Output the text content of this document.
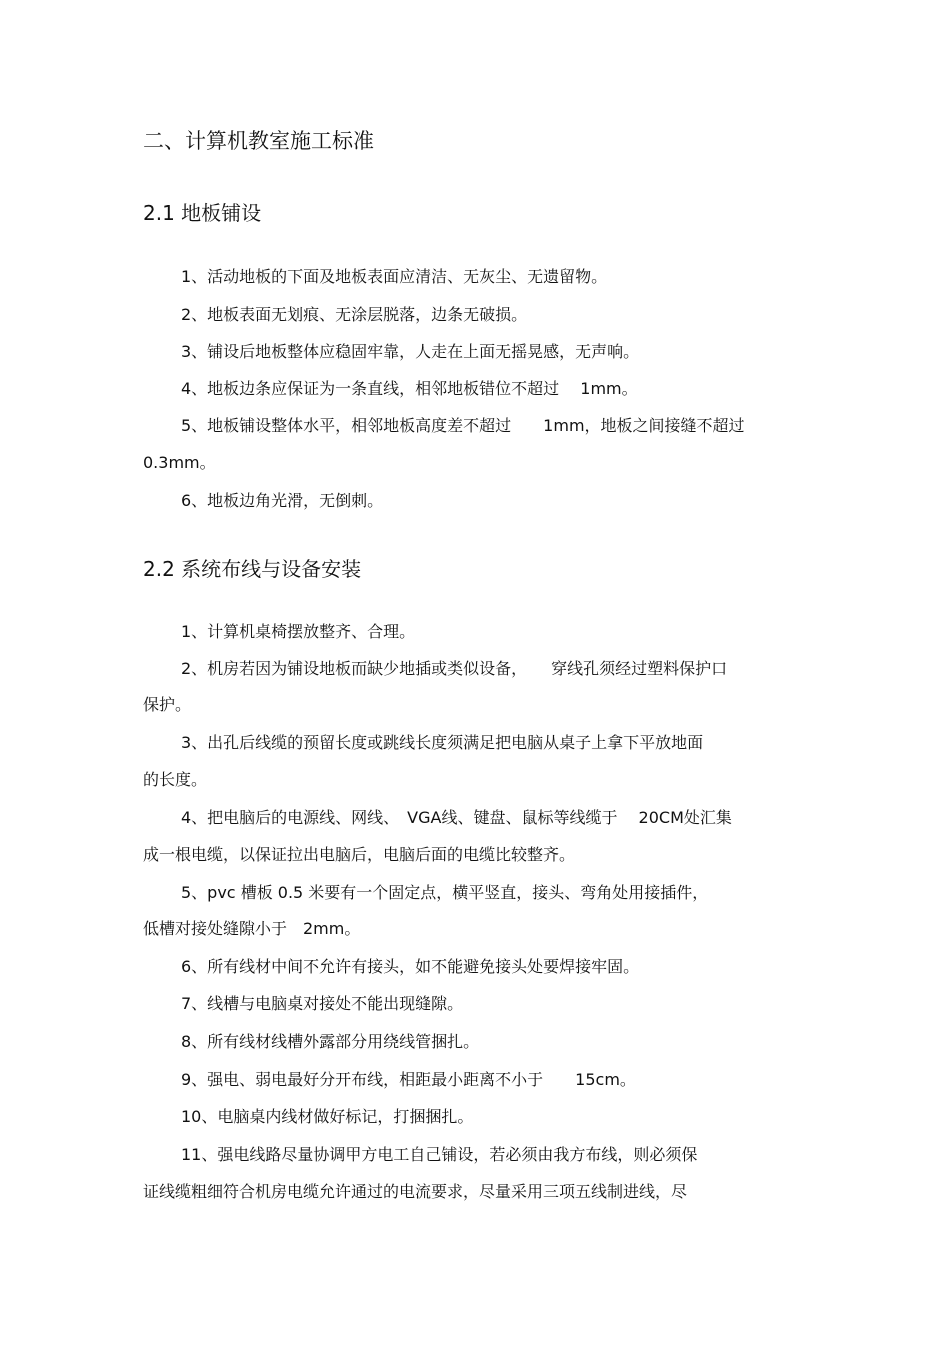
二、计算机教室施工标准
2.1 地板铺设
1、活动地板的下面及地板表面应清洁、无灰尘、无遗留物。
2、地板表面无划痕、无涂层脱落，边条无破损。
3、铺设后地板整体应稳固牢靠，人走在上面无摇晃感，无声响。
4、地板边条应保证为一条直线，相邻地板错位不超过　 1mm。
5、地板铺设整体水平，相邻地板高度差不超过　　1mm，地板之间接缝不超过
0.3mm。
6、地板边角光滑，无倒刺。
2.2 系统布线与设备安装
1、计算机桌椅摆放整齐、合理。
2、机房若因为铺设地板而缺少地插或类似设备，　　穿线孔须经过塑料保护口
保护。
3、出孔后线缆的预留长度或跳线长度须满足把电脑从桌子上拿下平放地面
的长度。
4、把电脑后的电源线、网线、　VGA线、键盘、鼠标等线缆于　 20CM处汇集
成一根电缆，以保证拉出电脑后，电脑后面的电缆比较整齐。
5、pvc 槽板 0.5 米要有一个固定点，横平竖直，接头、弯角处用接插件，
低槽对接处缝隙小于　2mm。
6、所有线材中间不允许有接头，如不能避免接头处要焊接牢固。
7、线槽与电脑桌对接处不能出现缝隙。
8、所有线材线槽外露部分用绕线管捆扎。
9、强电、弱电最好分开布线，相距最小距离不小于　　15cm。
10、电脑桌内线材做好标记，打捆捆扎。
11、强电线路尽量协调甲方电工自己铺设，若必须由我方布线，则必须保
证线缆粗细符合机房电缆允许通过的电流要求，尽量采用三项五线制进线，尽
